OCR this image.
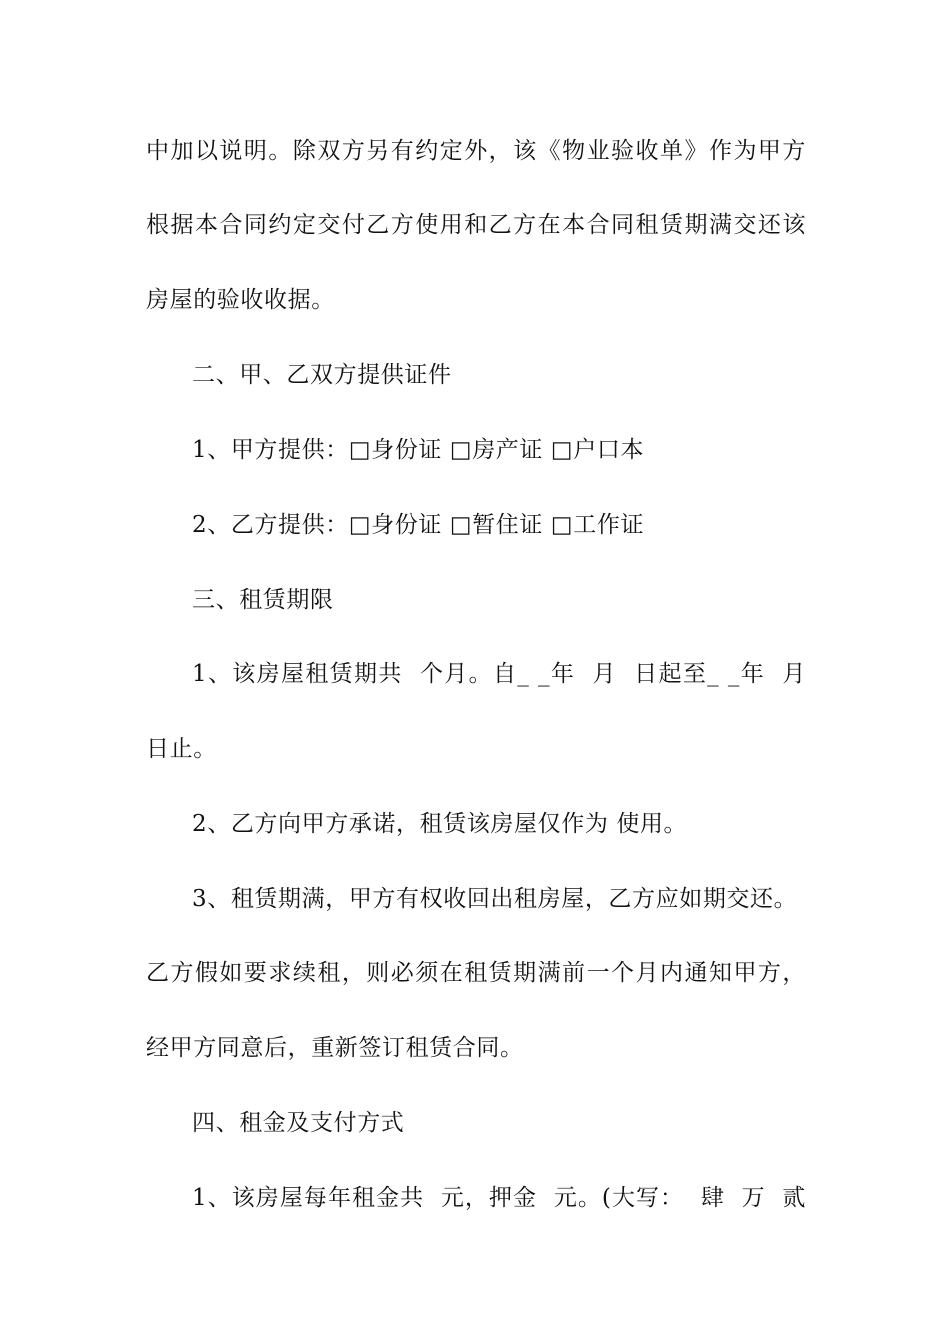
中加以说明。除双方另有约定外，该《物业验收单》作为甲方
根据本合同约定交付乙方使用和乙方在本合同租赁期满交还该
房屋的验收收据。
二、甲、乙双方提供证件
1、甲方提供：□身份证 □房产证 □户口本
2、乙方提供：□身份证 □暂住证 □工作证
三、租赁期限
1、该房屋租赁期共  个月。自_ _年  月  日起至_ _年  月
日止。
2、乙方向甲方承诺，租赁该房屋仅作为 使用。
3、租赁期满，甲方有权收回出租房屋，乙方应如期交还。
乙方假如要求续租，则必须在租赁期满前一个月内通知甲方，
经甲方同意后，重新签订租赁合同。
四、租金及支付方式
1、该房屋每年租金共  元，押金  元。(大写：  肆  万  贰
